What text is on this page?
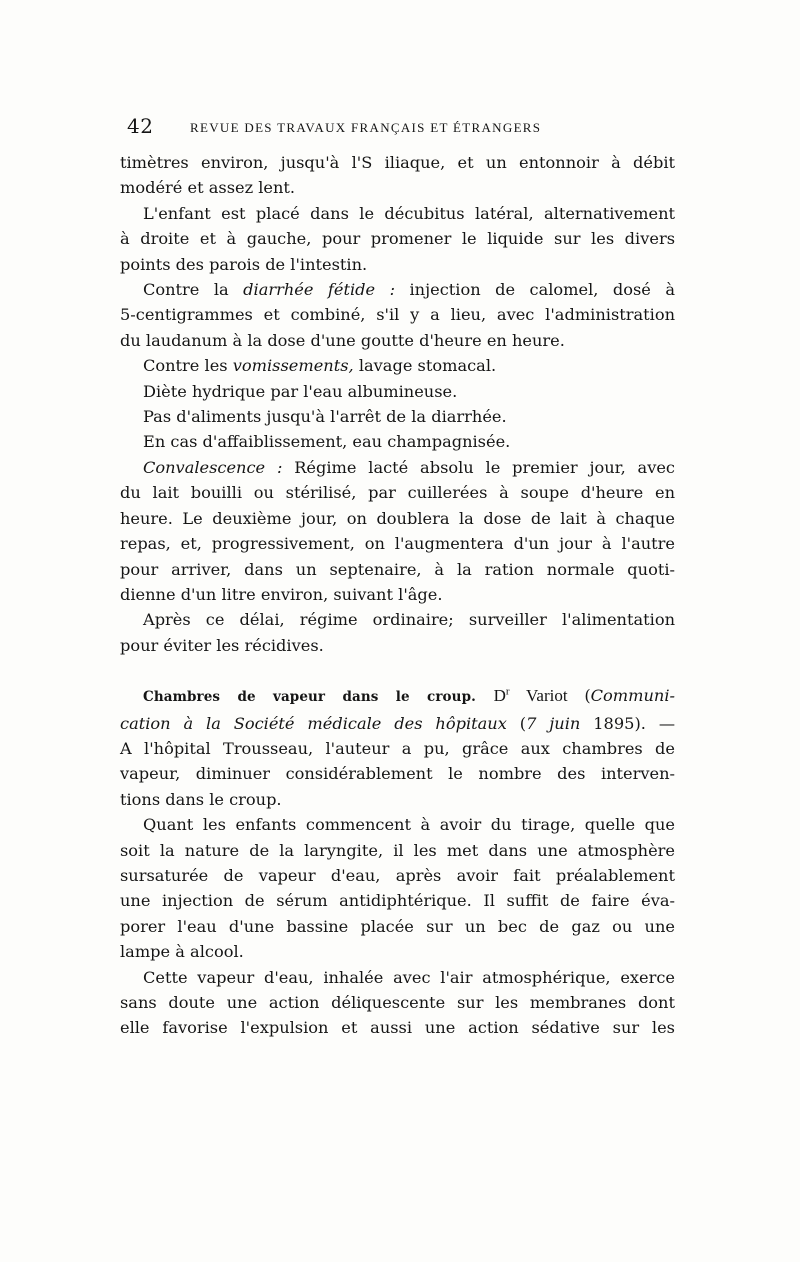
42	REVUE DES TRAVAUX FRANÇAIS ET ÉTRANGERS

timètres environ, jusqu'à l'S iliaque, et un entonnoir à débit

modéré et assez lent.

L'enfant est placé dans le décubitus latéral, alternativement

à droite et à gauche, pour promener le liquide sur les divers

points des parois de l'intestin.

Contre la diarrhée fétide : injection de calomel, dosé à

5-centigrammes et combiné, s'il y a lieu, avec l'administration

du laudanum à la dose d'une goutte d'heure en heure.

Contre les vomissements, lavage stomacal.

Diète hydrique par l'eau albumineuse.

Pas d'aliments jusqu'à l'arrêt de la diarrhée.

En cas d'affaiblissement, eau champagnisée.

Convalescence : Régime lacté absolu le premier jour, avec

du lait bouilli ou stérilisé, par cuillerées à soupe d'heure en

heure. Le deuxième jour, on doublera la dose de lait à chaque

repas, et, progressivement, on l'augmentera d'un jour à l'autre

pour arriver, dans un septenaire, à la ration normale quoti-

dienne d'un litre environ, suivant l'âge.

Après ce délai, régime ordinaire; surveiller l'alimentation

pour éviter les récidives.

Chambres de vapeur dans le croup. $D^r$ Variot (Communi-

cation à la Société médicale des hôpitaux (7 juin 1895). —

A l'hôpital Trousseau, l'auteur a pu, grâce aux chambres de

vapeur, diminuer considérablement le nombre des interven-

tions dans le croup.

Quant les enfants commencent à avoir du tirage, quelle que

soit la nature de la laryngite, il les met dans une atmosphère

sursaturée de vapeur d'eau, après avoir fait préalablement

une injection de sérum antidiphtérique. Il suffit de faire éva-

porer l'eau d'une bassine placée sur un bec de gaz ou une

lampe à alcool.

Cette vapeur d'eau, inhalée avec l'air atmosphérique, exerce

sans doute une action déliquescente sur les membranes dont

elle favorise l'expulsion et aussi une action sédative sur les
